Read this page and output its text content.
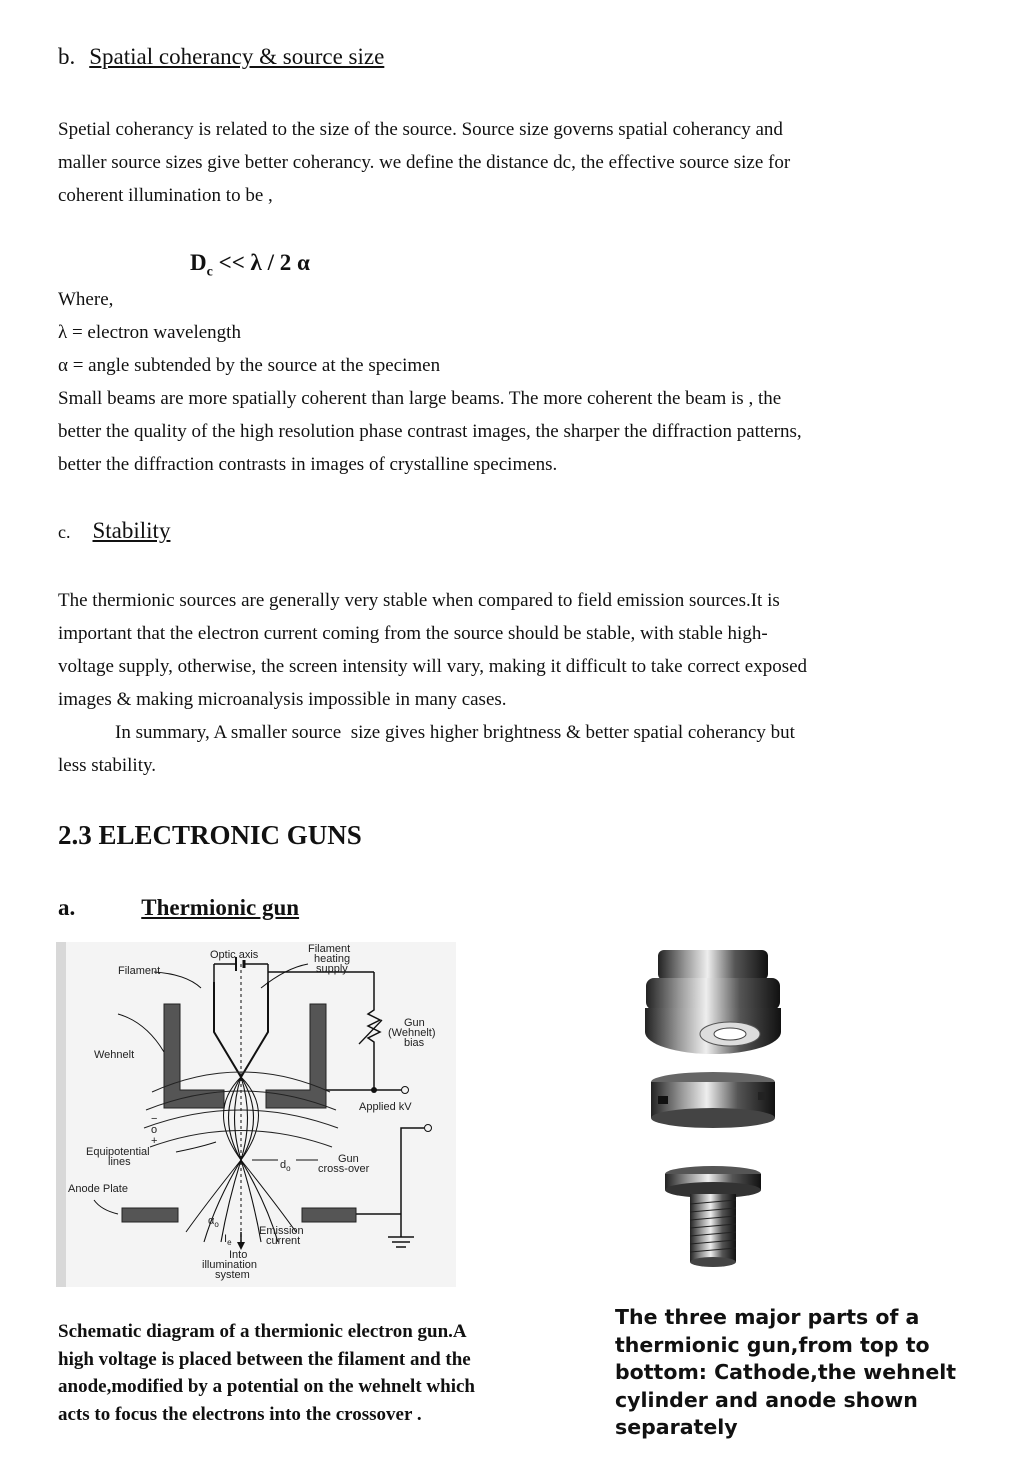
b. Spatial coherancy & source size
Spetial coherancy is related to the size of the source. Source size governs spatial coherancy and
maller source sizes give better coherancy. we define the distance dc, the effective source size for
coherent illumination to be ,
$D_c << \lambda / 2$ α
Where,
λ = electron wavelength
α = angle subtended by the source at the specimen
Small beams are more spatially coherent than large beams. The more coherent the beam is , the
better the quality of the high resolution phase contrast images, the sharper the diffraction patterns,
better the diffraction contrasts in images of crystalline specimens.
c. Stability
The thermionic sources are generally very stable when compared to field emission sources.It is
important that the electron current coming from the source should be stable, with stable high-
voltage supply, otherwise, the screen intensity will vary, making it difficult to take correct exposed
images & making microanalysis impossible in many cases.
In summary, A smaller source  size gives higher brightness & better spatial coherancy but
less stability.
2.3 ELECTRONIC GUNS
a.	Thermionic gun
Optic axis	Filament
heating
supply
Filament
Gun
(Wehnelt)
bias
Wehnelt
Applied kV
−
o
+
Equipotential
lines	$d_o$
Gun
cross-over
Anode Plate
$\alpha_o$
$I_e$
Emission
current
Into
illumination
system
Schematic diagram of a thermionic electron gun.A
high voltage is placed between the filament and the
anode,modified by a potential on the wehnelt which
acts to focus the electrons into the crossover .
The three major parts of a
thermionic gun,from top to
bottom: Cathode,the wehnelt
cylinder and anode shown
separately
